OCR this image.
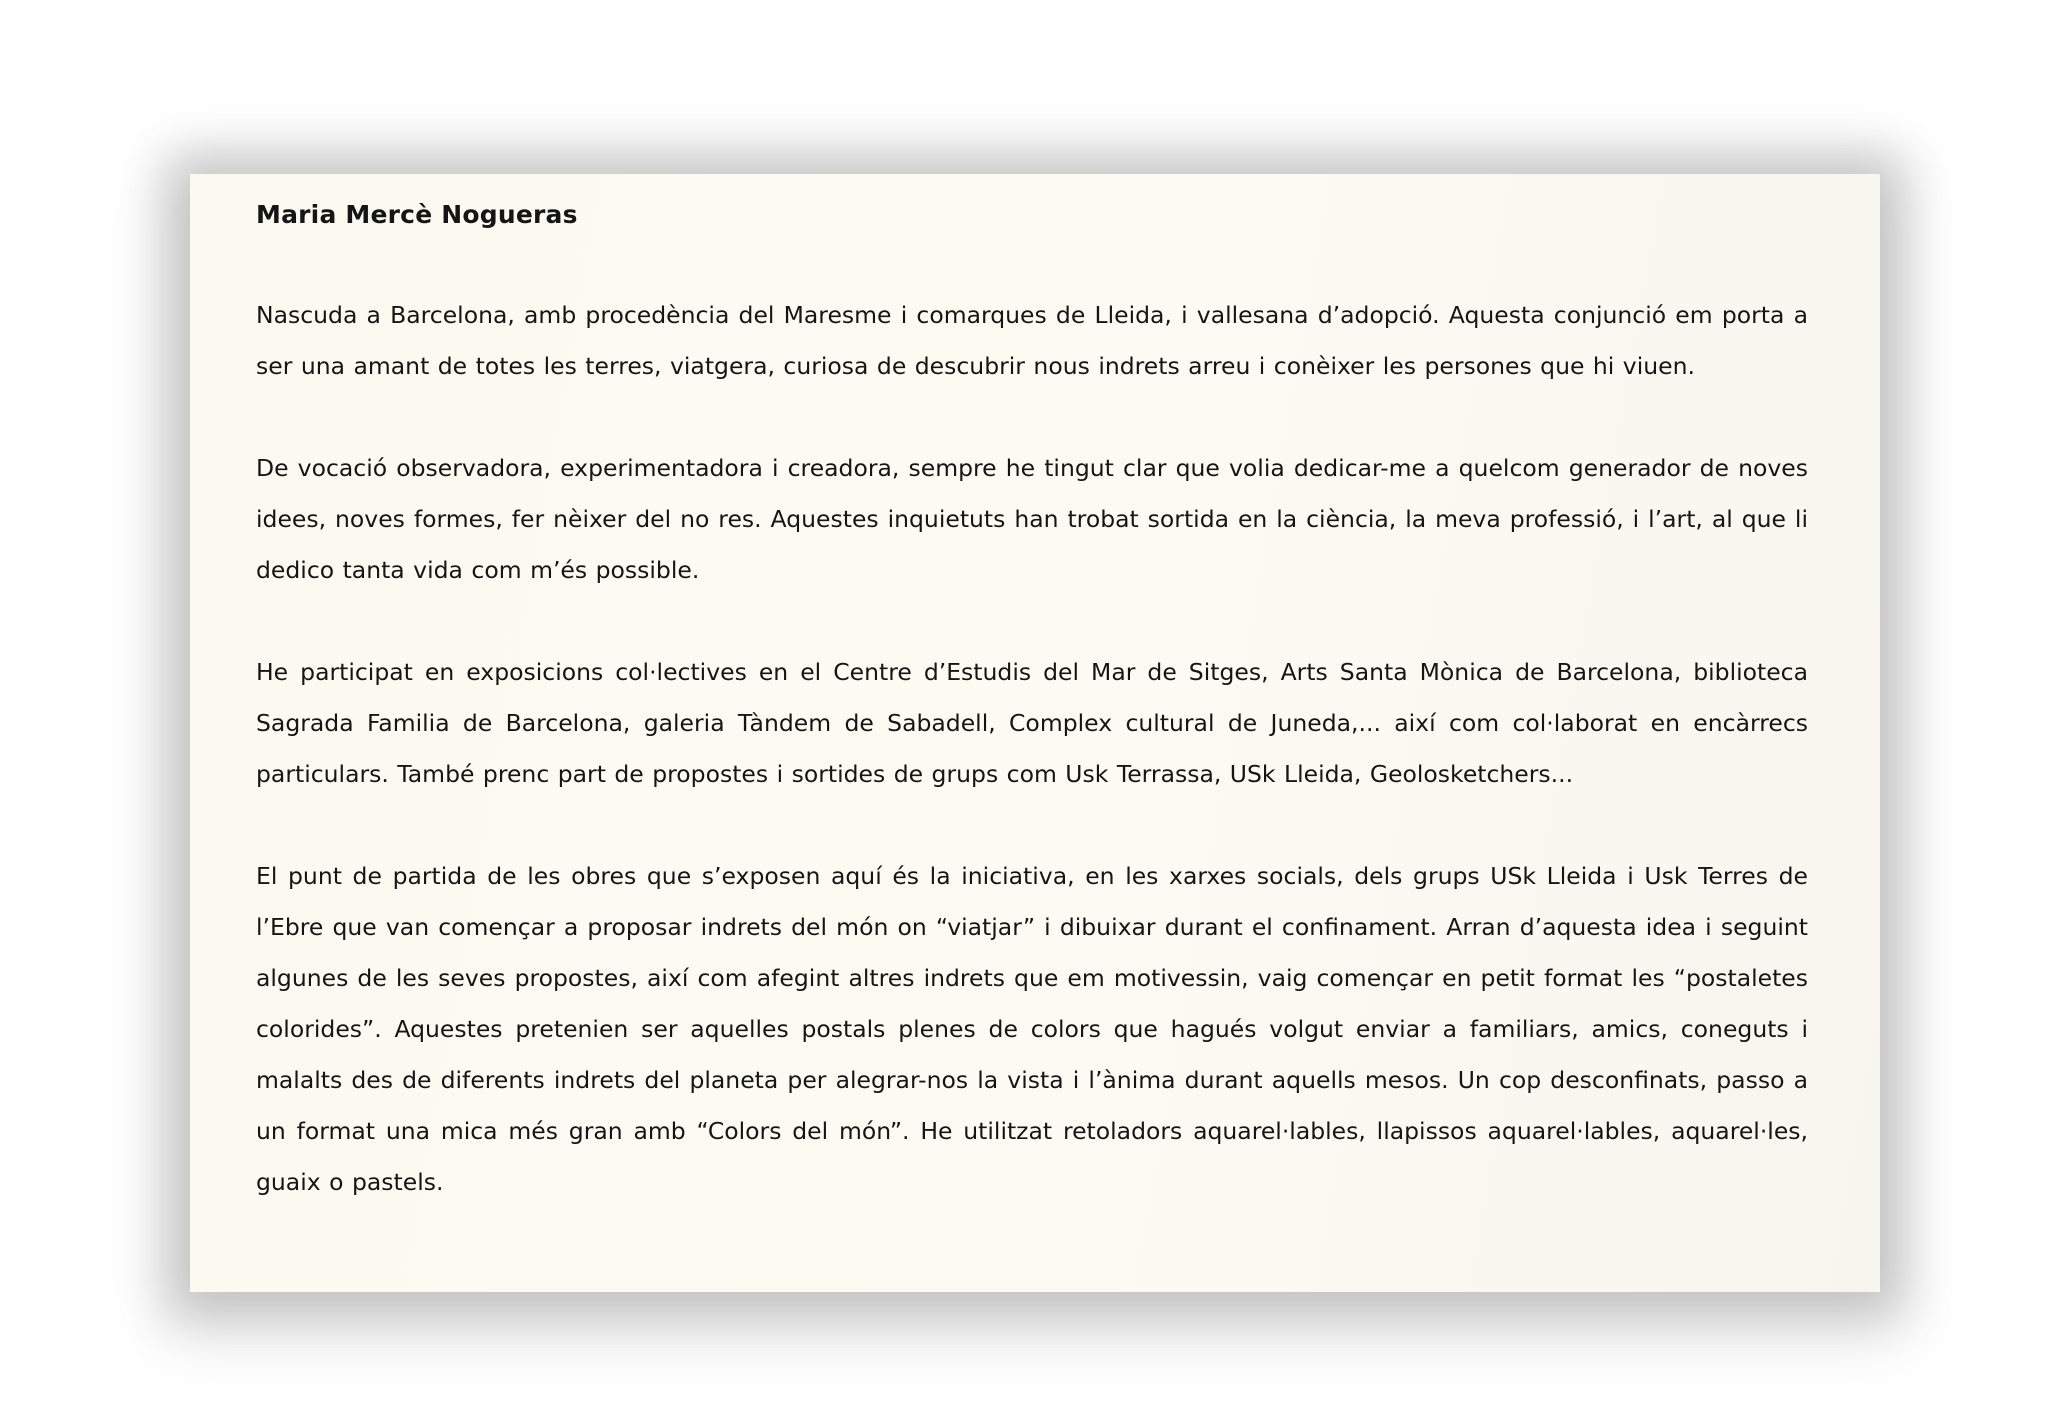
Maria Mercè Nogueras

Nascuda a Barcelona, amb procedència del Maresme i comarques de Lleida, i vallesana d’adopció. Aquesta conjunció em porta a ser una amant de totes les terres, viatgera, curiosa de descubrir nous indrets arreu i conèixer les persones que hi viuen.

De vocació observadora, experimentadora i creadora, sempre he tingut clar que volia dedicar-me a quelcom generador de noves idees, noves formes, fer nèixer del no res. Aquestes inquietuts han trobat sortida en la ciència, la meva professió, i l’art, al que li dedico tanta vida com m’és possible.

He participat en exposicions col·lectives en el Centre d’Estudis del Mar de Sitges, Arts Santa Mònica de Barcelona, biblioteca Sagrada Familia de Barcelona, galeria Tàndem de Sabadell, Complex cultural de Juneda,... així com col·laborat en encàrrecs particulars. També prenc part de propostes i sortides de grups com Usk Terrassa, USk Lleida, Geolosketchers...

El punt de partida de les obres que s’exposen aquí és la iniciativa, en les xarxes socials, dels grups USk Lleida i Usk Terres de l’Ebre que van començar a proposar indrets del món on “viatjar” i dibuixar durant el confinament. Arran d’aquesta idea i seguint algunes de les seves propostes, així com afegint altres indrets que em motivessin, vaig començar en petit format les “postaletes colorides”. Aquestes pretenien ser aquelles postals plenes de colors que hagués volgut enviar a familiars, amics, coneguts i malalts des de diferents indrets del planeta per alegrar-nos la vista i l’ànima durant aquells mesos. Un cop desconfinats, passo a un format una mica més gran amb “Colors del món”. He utilitzat retoladors aquarel·lables, llapissos aquarel·lables, aquarel·les, guaix o pastels.
